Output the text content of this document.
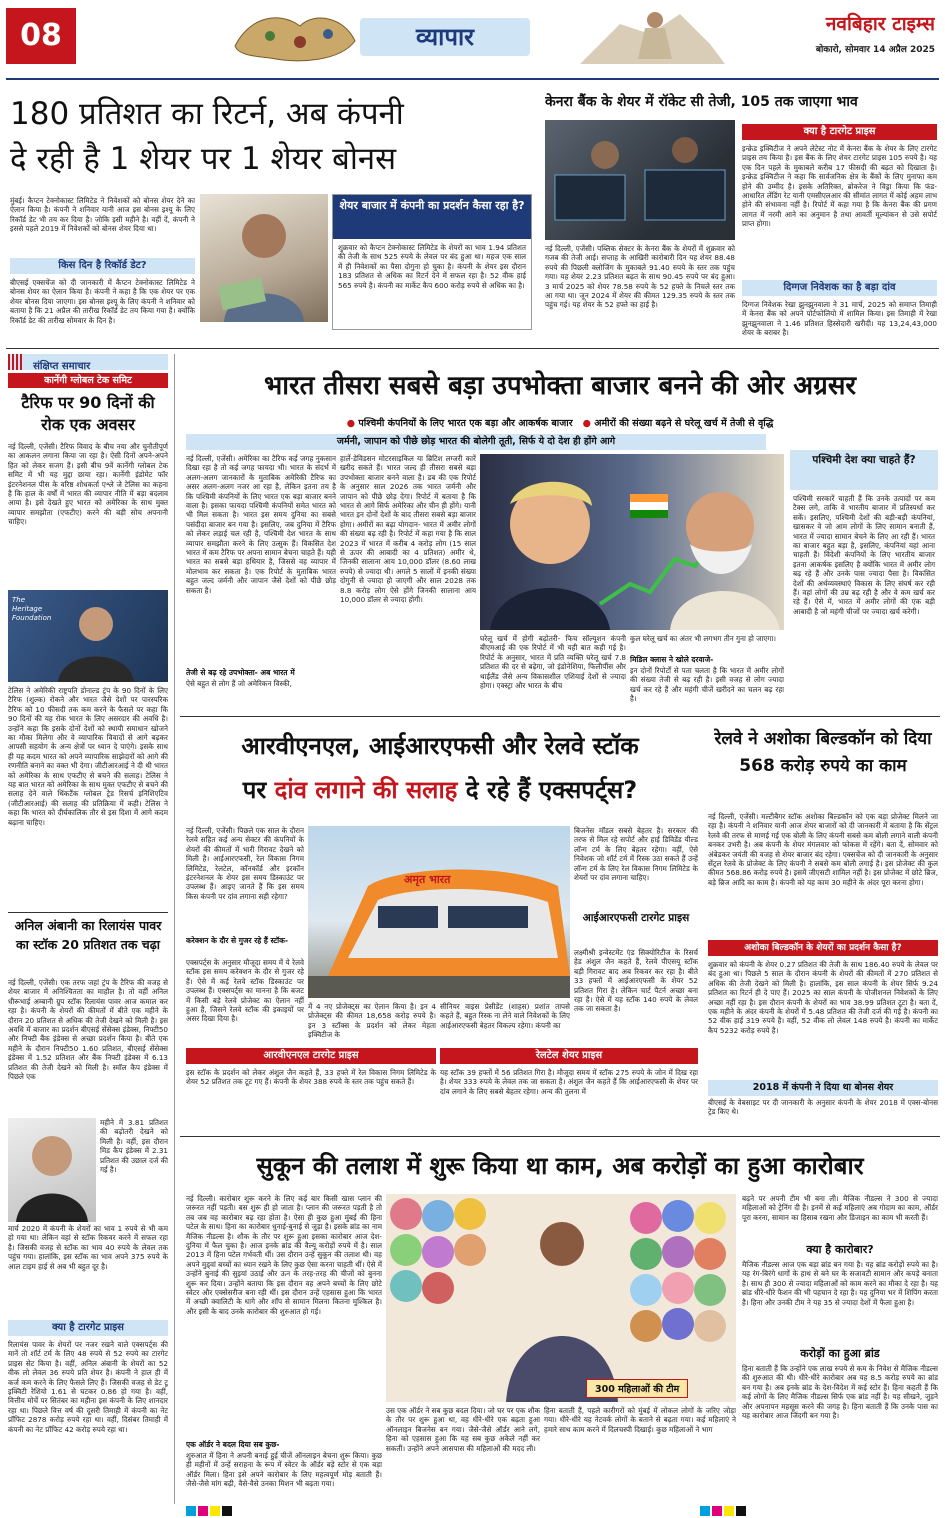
08	व्यापार	नवबिहार टाइम्स
बोकारो, सोमवार 14 अप्रैल 2025
180 प्रतिशत का रिटर्न, अब कंपनी
दे रही है 1 शेयर पर 1 शेयर बोनस
मुंबई। कैप्टन टेक्नोकास्ट लिमिटेड ने निवेशकों को बोनस शेयर देने का ऐलान किया है। कंपनी ने शनिवार यानी आज इस बोनस इश्यू के लिए रिकॉर्ड डेट भी तय कर दिया है। जोकि इसी महीने है। वहीं दें, कंपनी ने इससे पहले 2019 में निवेशकों को बोनस शेयर दिया था।
किस दिन है रिकॉर्ड डेट?
बीएसई एक्सचेंज को दी जानकारी में कैप्टन टेक्नोकास्ट लिमिटेड ने बोनस शेयर का ऐलान किया है। कंपनी ने कहा है कि एक शेयर पर एक शेयर बोनस दिया जाएगा। इस बोनस इश्यू के लिए कंपनी ने शनिवार को बताया है कि 21 अप्रैल की तारीख रिकॉर्ड डेट तय किया गया है। क्योंकि रिकॉर्ड डेट की तारीख सोमवार के दिन है।
शेयर बाजार में कंपनी का प्रदर्शन कैसा रहा है?
शुक्रवार को कैप्टन टेक्नोकास्ट लिमिटेड के शेयरों का भाव 1.94 प्रतिशत की तेजी के साथ 525 रुपये के लेवल पर बंद हुआ था। महज एक साल में ही निवेशकों का पैसा दोगुना हो चुका है। कंपनी के शेयर इस दौरान 183 प्रतिशत से अधिक का रिटर्न देने में सफल रहा है। 52 वीक हाई 565 रुपये है। कंपनी का मार्केट कैप 600 करोड़ रुपये से अधिक का है।
केनरा बैंक के शेयर में रॉकेट सी तेजी, 105 तक जाएगा भाव
नई दिल्ली, एजेंसी। पब्लिक सेक्टर के केनरा बैंक के शेयरों में शुक्रवार को गजब की तेजी आई। सप्ताह के आखिरी कारोबारी दिन यह शेयर 88.48 रुपये की पिछली क्लोजिंग के मुकाबले 91.40 रुपये के स्तर तक पहुंच गया। यह शेयर 2.23 प्रतिशत बढ़त के साथ 90.45 रुपये पर बंद हुआ। 3 मार्च 2025 को शेयर 78.58 रुपये के 52 हफ्ते के निचले स्तर तक आ गया था। जून 2024 में शेयर की कीमत 129.35 रुपये के स्तर तक पहुंच गई। यह शेयर के 52 हफ्ते का हाई है।
क्या है टारगेट प्राइस
इन्क्रेड इक्विटीज ने अपने लेटेस्ट नोट में केनरा बैंक के शेयर के लिए टारगेट प्राइस तय किया है। इस बैंक के लिए शेयर टारगेट प्राइस 105 रुपये है। यह एक दिन पहले के मुकाबले करीब 17 फीसदी की बढ़त को दिखाता है। इन्क्रेड इक्विटीज ने कहा कि सार्वजनिक क्षेत्र के बैंकों के लिए मुनाफा कम होने की उम्मीद है। इसके अतिरिक्त, ब्रोकरेज ने विड्रा किया कि फंड-आधारित लेंडिंग रेट यानी एमसीएलआर की सीमांत लागत में कोई अहम लाभ होने की संभावना नहीं है। रिपोर्ट में कहा गया है कि केनरा बैंक की प्रगण लागत में नरमी आने का अनुमान है तथा आवर्ती मूल्यांकन से उसे सपोर्ट प्राप्त होगा।
दिग्गज निवेशक का है बड़ा दांव
दिग्गज निवेशक रेखा झुनझुनवाला ने 31 मार्च, 2025 को समाप्त तिमाही में केनरा बैंक को अपने पोर्टफोलियो में शामिल किया। इस तिमाही में रेखा झुनझुनवाला ने 1.46 प्रतिशत हिस्सेदारी खरीदी। यह 13,24,43,000 शेयर के बराबर है।
संक्षिप्त समाचार
कार्नेगी ग्लोबल टेक समिट
टैरिफ पर 90 दिनों की रोक एक अवसर
नई दिल्ली, एजेंसी। टैरिफ विवाद के बीच नया और चुनौतीपूर्ण का आकलन लगाना किया जा रहा है। ऐसी दिनों अपने-अपने हित को लेकर सजग हैं। इसी बीच 9वें कार्नेगी ग्लोबल टेक समिट में भी यह मुद्दा छाया रहा। कार्नेगी इंडोमेट फॉर इंटरनेशनल पीस के वरिष्ठ शोधकर्ता एश्ले जे टेलिस का कहना है कि हाल के वर्षों में भारत की व्यापार नीति में बड़ा बदलाव आया है। इसे देखते हुए भारत को अमेरिका के साथ मुक्त व्यापार समझौता (एफटीए) करने की बड़ी सोच अपनानी चाहिए।
The Heritage Foundation
टेलिस ने अमेरिकी राष्ट्रपति डोनाल्ड ट्रंप के 90 दिनों के लिए टैरिफ (शुल्क) रोकने और भारत जैसे देशों पर पारस्परिक टैरिफ को 10 फीसदी तक कम करने के फैसले पर कहा कि 90 दिनों की यह रोक भारत के लिए असरदार की अवधि है। उन्होंने कहा कि इसके दोनों देशों को स्थायी समाधान खोजने का मौका मिलेगा और वे व्यापारिक विवादों से आगे बढ़कर आपसी सहयोग के अन्य क्षेत्रों पर ध्यान दे पाएंगे। इसके साथ ही यह कदम भारत को अपने व्यापारिक साझेदारों को आगे की रणनीति बनाने का वक्त भी देगा। जीटीआरआई ने दी थी भारत को अमेरिका के साथ एफटीए से बचने की सलाह। टेलिस ने यह बात भारत को अमेरिका के साथ मुक्त एफटीए से बचने की सलाह देने वाले थिंकटैंक ग्लोबल ट्रेड रिसर्च इनिशिएटिव (जीटीआरआई) की सलाह की प्रतिक्रिया में कही। टेलिस ने कहा कि भारत को दीर्घकालिक तौर से इस दिशा में आगे कदम बढ़ाना चाहिए।
अनिल अंबानी का रिलायंस पावर का स्टॉक 20 प्रतिशत तक चढ़ा
नई दिल्ली, एजेंसी। एक तरफ जहां ट्रंप के टैरिफ की वजह से शेयर बाजार में अनिश्चितता का माहौल है। तो वहीं अनिल धीरूभाई अम्बानी ग्रुप स्टॉक रिलायंस पावर आज कमाल कर रहा है। कंपनी के शेयरों की कीमतों में बीते एक महीने के दौरान 20 प्रतिशत से अधिक की तेजी देखने को मिली है। इस अवधि में बाजार का प्रदर्शन बीएसई सेंसेक्स इंडेक्स, निफ्टी50 और निफ्टी बैंक इंडेक्स से अच्छा प्रदर्शन किया है। बीते एक महीने के दौरान निफ्टी50 1.60 प्रतिशत, बीएसई सेंसेक्स इंडेक्स में 1.52 प्रतिशत और बैंक निफ्टी इंडेक्स में 6.13 प्रतिशत की तेजी देखने को मिली है। स्मॉल कैप इंडेक्स में पिछले एक
महीने में 3.81 प्रतिशत की बढ़ोतरी देखने को मिली है। वहीं, इस दौरान मिड कैप इंडेक्स में 2.31 प्रतिशत की उछाल दर्ज की गई है।
मार्च 2020 में कंपनी के शेयरों का भाव 1 रुपये से भी कम हो गया था। लेकिन वहां से स्टॉक रिकवर करने में सफल रहा है। जिसकी वजह से स्टॉक का भाव 40 रुपये के लेवल तक पहुंच गया। हालांकि, इस स्टॉक का भाव अपने 375 रुपये के आल टाइम हाई से अब भी बहुत दूर है।
क्या है टारगेट प्राइस
रिलायंस पावर के शेयरों पर नजर रखने वाले एक्सपर्ट्स की मानें तो शॉर्ट टर्म के लिए 48 रुपये से 52 रुपये का टारगेट प्राइस सेट किया है। वहीं, अनिल अंबानी के शेयरों का 52 वीक लो लेवल 36 रुपये प्रति शेयर है। कंपनी ने हाल ही में कर्ज कम करने के लिए फैसले लिए हैं। जिसकी वजह से डेट टू इक्विटी रेशियो 1.61 से घटकर 0.86 हो गया है। वहीं, वित्तीय मोर्चे पर सितंबर का महीना इस कंपनी के लिए शानदार रहा था। पिछले वित्त वर्ष की दूसरी तिमाही में कंपनी का नेट प्रॉफिट 2878 करोड़ रुपये रहा था। वहीं, दिसंबर तिमाही में कंपनी का नेट प्रॉफिट 42 करोड़ रुपये रहा था।
भारत तीसरा सबसे बड़ा उपभोक्ता बाजार बनने की ओर अग्रसर
● पश्चिमी कंपनियों के लिए भारत एक बड़ा और आकर्षक बाजार ● अमीरों की संख्या बढ़ने से घरेलू खर्च में तेजी से वृद्धि
जर्मनी, जापान को पीछे छोड़ भारत की बोलेगी तूती, सिर्फ ये दो देश ही होंगे आगे
नई दिल्ली, एजेंसी। अमेरिका का टैरिफ कई जगह नुकसान दिखा रहा है तो कई जगह फायदा भी। भारत के संदर्भ में अलग-अलग जानकारों के मुताबिक अमेरिकी टैरिफ का असर अलग-अलग नजर आ रहा है, लेकिन इतना तय है कि पश्चिमी कंपनियों के लिए भारत एक बड़ा बाजार बनने वाला है। इसका फायदा पश्चिमी कंपनियों समेत भारत को भी मिल सकता है। भारत इस समय दुनिया का सबसे पसंदीदा बाजार बन गया है। इसलिए, जब दुनिया में टैरिफ को लेकर लड़ाई चल रही है, पश्चिमी देश भारत के साथ व्यापार समझौता करने के लिए उत्सुक हैं। विकसित देश भारत में कम टैरिफ पर अपना सामान बेचना चाहते हैं। यही भारत का सबसे बड़ा हथियार है, जिससे वह व्यापार में मोलभाव कर सकता है। एक रिपोर्ट के मुताबिक भारत बहुत जल्द जर्मनी और जापान जैसे देशों को पीछे छोड़ सकता है।
तेजी से बढ़ रहे उपभोक्ता- अब भारत में
ऐसे बहुत से लोग हैं जो अमेरिकन विस्की,
हार्ले-डेविडसन मोटरसाइकिल या ब्रिटिश लग्जरी कारें खरीद सकते हैं। भारत जल्द ही तीसरा सबसे बड़ा उपभोक्ता बाजार बनने वाला है। डब की एक रिपोर्ट के अनुसार साल 2026 तक भारत जर्मनी और जापान को पीछे छोड़ देगा। रिपोर्ट में बताया है कि भारत से आगे सिर्फ अमेरिका और चीन ही होंगे। यानी भारत इन दोनों देशों के बाद तीसरा सबसे बड़ा बाजार होगा। अमीरों का बढ़ा योगदान- भारत में अमीर लोगों की संख्या बढ़ रही है। रिपोर्ट में कहा गया है कि साल 2023 में भारत में करीब 4 करोड़ लोग (15 साल से ऊपर की आबादी का 4 प्रतिशत) अमीर थे, जिनकी सालाना आय 10,000 डॉलर (8.60 लाख रुपये) से ज्यादा थी। अगले 5 सालों में इनकी संख्या दोगुनी से ज्यादा हो जाएगी और साल 2028 तक 8.8 करोड़ लोग ऐसे होंगे जिनकी सालाना आय 10,000 डॉलर से ज्यादा होगी।
घरेलू खर्च में होगी बढ़ोतरी- फिच सॉल्यूशन कंपनी बीएमआई की एक रिपोर्ट में भी यही बात कही गई है। रिपोर्ट के अनुसार, भारत में प्रति व्यक्ति घरेलू खर्च 7.8 प्रतिशत की दर से बढ़ेगा, जो इंडोनेशिया, फिलीपींस और थाईलैंड जैसे अन्य विकासशील एशियाई देशों से ज्यादा होगा। एक्स्ट्रा और भारत के बीच
कुल घरेलू खर्च का अंतर भी लगभग तीन गुना हो जाएगा।
मिडिल क्लास ने खोले दरवाजे-
इन दोनों रिपोर्टों से पता चलता है कि भारत में अमीर लोगों की संख्या तेजी से बढ़ रही है। इसी वजह से लोग ज्यादा खर्च कर रहे हैं और महंगी चीजें खरीदने का चलन बढ़ रहा है।
पश्चिमी देश क्या चाहते हैं?
पश्चिमी सरकारें चाहती हैं कि उनके उत्पादों पर कम टैक्स लगे, ताकि वे भारतीय बाजार में प्रतिस्पर्धा कर सकें। इसलिए, पश्चिमी देशों की बड़ी-बड़ी कंपनियां, खासकर वे जो आम लोगों के लिए सामान बनाती हैं, भारत में ज्यादा सामान बेचने के लिए आ रही हैं। भारत का बाजार बहुत बड़ा है, इसलिए, कंपनियां यहां आना चाहती हैं। विदेशी कंपनियों के लिए भारतीय बाजार इतना आकर्षक इसलिए है क्योंकि भारत में अमीर लोग बढ़ रहे हैं और उनके पास ज्यादा पैसा है। विकसित देशों की अर्थव्यवस्थाएं विकास के लिए संघर्ष कर रही हैं। वहां लोगों की उम्र बढ़ रही है और वे कम खर्च कर रहे हैं। ऐसे में, भारत में अमीर लोगों की एक बड़ी आबादी है जो महंगी चीजों पर ज्यादा खर्च करेगी।
आरवीएनएल, आईआरएफसी और रेलवे स्टॉक
पर दांव लगाने की सलाह दे रहे हैं एक्सपर्ट्स?
नई दिल्ली, एजेंसी। पिछले एक साल के दौरान रेलवे सहित कई अन्य सेक्टर की कंपनियों के शेयरों की कीमतों में भारी गिरावट देखने को मिली है। आईआरएफसी, रेल विकास निगम लिमिटेड, रेलटेल, कॉनकॉर्ड और इरकॉन इंटरनेशनल के शेयर इस समय डिस्काउंट पर उपलब्ध हैं। आइए जानते हैं कि इस समय किस कंपनी पर दांव लगाना सही रहेगा?
करेक्शन के दौर से गुजर रहे हैं स्टॉक-
एक्सपर्ट्स के अनुसार मौजूदा समय में ये रेलवे स्टॉक इस समय करेक्शन के दौर से गुजर रहे हैं। ऐसे में कई रेलवे स्टॉक डिस्काउंट पर उपलब्ध हैं। एक्सपर्ट्स का मानना है कि बजट में किसी बड़े रेलवे प्रोजेक्ट का ऐलान नहीं हुआ है, जिसने रेलवे स्टॉक की इकाइयों पर असर दिखा दिया है।
अमृत भारत
में 4 नए प्रोजेक्ट्स का ऐलान किया है। इन 4 प्रोजेक्ट्स की कीमत 18,658 करोड़ रुपये है। इन 3 स्टॉक्स के प्रदर्शन को लेकर मेहता इक्विटीज के
सीनियर वाइस प्रेसीडेंट (शाहस) प्रशांत तापसे कहते हैं, बहुत रिस्क ना लेने वाले निवेशकों के लिए आईआरएफसी बेहतर विकल्प रहेगा। कंपनी का
बिजनेस मॉडल सबसे बेहतर है। सरकार की तरफ से मिल रहे सपोर्ट और हाई डिविडेंड यील्ड लॉन्ग टर्म के लिए बेहतर रहेगा। वहीं, ऐसे निवेशक जो शॉर्ट टर्म में रिस्क उठा सकते हैं उन्हें लॉन्ग टर्म के लिए रेल विकास निगम लिमिटेड के शेयरों पर दांव लगाना चाहिए।
आईआरएफसी टारगेट प्राइस
लक्ष्मीश्री इन्वेस्टमेंट एंड सिक्योरिटीज के रिसर्च हेड अंशुल जैन कहते हैं, रेलवे पीएसयू स्टॉक बड़ी गिरावट बाद अब रिकवर कर रहा है। बीते 33 हफ्तों में आईआरएफसी के शेयर 52 प्रतिशत गिरा है। लेकिन चार्ट पैटर्न अच्छा बना रहा है। ऐसे में यह स्टॉक 140 रुपये के लेवल तक जा सकता है।
आरवीएनएल टारगेट प्राइस
इस स्टॉक के प्रदर्शन को लेकर अंशुल जैन कहते हैं, 33 हफ्ते में रेल विकास निगम लिमिटेड के शेयर 52 प्रतिशत तक टूट गए हैं। कंपनी के शेयर 388 रुपये के स्तर तक पहुंच सकते हैं।
रेलटेल शेयर प्राइस
यह स्टॉक 39 हफ्तों में 56 प्रतिशत गिरा है। मौजूदा समय में स्टॉक 275 रुपये के जोन में दिख रहा है। शेयर 333 रुपये के लेवल तक जा सकता है। अंशुल जैन कहते हैं कि आईआरएफसी के शेयर पर दांव लगाने के लिए सबसे बेहतर रहेगा। अन्य की तुलना में
रेलवे ने अशोका बिल्डकॉन को दिया 568 करोड़ रुपये का काम
नई दिल्ली, एजेंसी। मल्टीबैगर स्टॉक अशोका बिल्डकॉन को एक बड़ा प्रोजेक्ट मिलने जा रहा है। कंपनी ने शनिवार यानी आज शेयर बाजारों को दी जानकारी में बताया है कि सेंट्रल रेलवे की तरफ से माणई गई एक बोली के लिए कंपनी सबसे कम बोली लगाने वाली कंपनी बनकर उभरी है। अब कंपनी के शेयर मंगलवार को फोकस में रहेंगे। बता दें, सोमवार को अंबेडकर जयंती की वजह से शेयर बाजार बंद रहेगा। एक्सचेंज को दी जानकारी के अनुसार सेंट्रल रेलवे के प्रोजेक्ट के लिए कंपनी ने सबसे कम बोली लगाई है। इस प्रोजेक्ट की कुल कीमत 568.86 करोड़ रुपये है। इसमें जीएसटी शामिल नहीं है। इस प्रोजेक्ट में छोटे ब्रिज, बड़े ब्रिज आदि का काम है। कंपनी को यह काम 30 महीने के अंदर पूरा करना होगा।
अशोका बिल्डकॉन के शेयरों का प्रदर्शन कैसा है?
शुक्रवार को कंपनी के शेयर 0.27 प्रतिशत की तेजी के साथ 186.40 रुपये के लेवल पर बंद हुआ था। पिछले 5 साल के दौरान कंपनी के शेयरों की कीमतों में 270 प्रतिशत से अधिक की तेजी देखने को मिली है। हालांकि, इस साल कंपनी के शेयर सिर्फ 9.24 प्रतिशत का रिटर्न ही दे पाए हैं। 2025 का साल कंपनी के पोजीशनल निवेशकों के लिए अच्छा नहीं रहा है। इस दौरान कंपनी के शेयरों का भाव 38.99 प्रतिशत टूटा है। बता दें, एक महीने के अंदर कंपनी के शेयरों में 5.48 प्रतिशत की तेजी दर्ज की गई है। कंपनी का 52 वीक हाई 319 रुपये है। वहीं, 52 वीक लो लेवल 148 रुपये है। कंपनी का मार्केट कैप 5232 करोड़ रुपये है।
2018 में कंपनी ने दिया था बोनस शेयर
बीएसई के वेबसाइट पर दी जानकारी के अनुसार कंपनी के शेयर 2018 में एक्स-बोनस ट्रेड किए थे।
सुकून की तलाश में शुरू किया था काम, अब करोड़ों का हुआ कारोबार
नई दिल्ली। कारोबार शुरू करने के लिए कई बार किसी खास प्लान की जरूरत नहीं पड़ती। बस शुरू ही हो जाता है। प्लान की जरूरत पड़ती है तो तब जब वह कारोबार बढ़ रहा होता है। ऐसा ही कुछ हुआ मुंबई की हिना पटेल के साथ। हिना का कारोबार धुनाई-बुनाई से जुड़ा है। इसके ब्रांड का नाम मैजिक नीडल्स है। शौक के तौर पर शुरू हुआ इसका कारोबार आज देश-दुनिया में फैल चुका है। आज इनके ब्रांड की वैल्यू करोड़ों रुपये में है। साल 2013 में हिना पटेल गर्भवती थीं। उस दौरान उन्हें सुकून की तलाश थी। वह अपने मुड्वां बच्चों का ध्यान रखने के लिए कुछ ऐसा करना चाहती थीं। ऐसे में उन्होंने बुनाई की सुइयां उठाईं और ऊन के तरह-तरह की चीजों को बुनना शुरू कर दिया। उन्होंने बताया कि इस दौरान वह अपने बच्चों के लिए छोटे स्वेटर और एक्सेसरीज बना रही थीं। इस दौरान उन्हें एहसास हुआ कि भारत में अच्छी क्वालिटी के धागे और शाॅप से सामान मिलना कितना मुश्किल है। और इसी के बाद उनके कारोबार की शुरुआत हो गई।
एक ऑर्डर ने बदल दिया सब कुछ-
शुरुआत में हिना ने अपनी बनाई हुई चीजें ऑनलाइन बेचना शुरू किया। कुछ ही महीनों में उन्हें सराहना के रूप में स्वेटर के ऑर्डर बड़े स्टोर से एक बड़ा ऑर्डर मिला। हिना इसे अपने कारोबार के लिए महत्वपूर्ण मोड़ बताती हैं। जैसे-जैसे मांग बढ़ी, वैसे-वैसे उनका मिशन भी बढ़ता गया।
300 महिलाओं की टीम
उस एक ऑर्डर ने सब कुछ बदल दिया। जो घर पर एक शौक के तौर पर शुरू हुआ था, वह धीरे-धीरे एक बढ़ता हुआ ऑनलाइन बिजनेस बन गया। जैसे-जैसे ऑर्डर आने लगे, हिना को एहसास हुआ कि यह सब कुछ अकेले नहीं कर सकतीं। उन्होंने अपने आसपास की महिलाओं की मदद ली।
हिना बताती हैं, पहले कारीगरों को मुंबई में लोकल लोगों के जरिए जोड़ा गया। धीरे-धीरे यह नेटवर्क लोगों के बताने से बढ़ता गया। कई महिलाएं ने हमारे साथ काम करने में दिलचस्पी दिखाई। कुछ महिलाओं ने भाग
बढ़ने पर अपनी टीम भी बना ली। मैजिक नीडल्स ने 300 से ज्यादा महिलाओं को ट्रेनिंग दी है। इनमें से कई महिलाएं अब गोदाम का काम, ऑर्डर पूरा करना, सामान का हिसाब रखना और डिजाइन का काम भी करती हैं।
क्या है कारोबार?
मैजिक नीडल्स आज एक बड़ा ब्रांड बन गया है। यह ब्रांड करोड़ों रुपये का है। यह रंग-बिरंगे धागों के हाथ से बने घर के सजावटी सामान और कपड़े बनाता है। साथ ही 300 से ज्यादा महिलाओं को काम करने का मौका दे रहा है। यह ब्रांड धीरे-धीरे फैशन की भी पहचान दे रहा है। यह दुनिया भर में शिपिंग करता है। हिना और उनकी टीम ने यह 35 से ज्यादा देशों में फैला हुआ है।
करोड़ों का हुआ ब्रांड
हिना बताती हैं कि उन्होंने एक लाख रुपये से कम के निवेश से मैजिक नीडल्स की शुरुआत की थी। धीरे-धीरे कारोबार अब यह 8.5 करोड़ रुपये का ब्रांड बन गया है। अब इनके ब्रांड के देश-विदेश में कई स्टोर हैं। हिना कहती हैं कि कई लोगों के लिए मैजिक नीडल्स सिर्फ एक ब्रांड नहीं है। यह सीखने, जुड़ने और अपनापन महसूस करने की जगह है। हिना बताती हैं कि उनके पास का यह कारोबार आज जिंदगी बन गया है।
